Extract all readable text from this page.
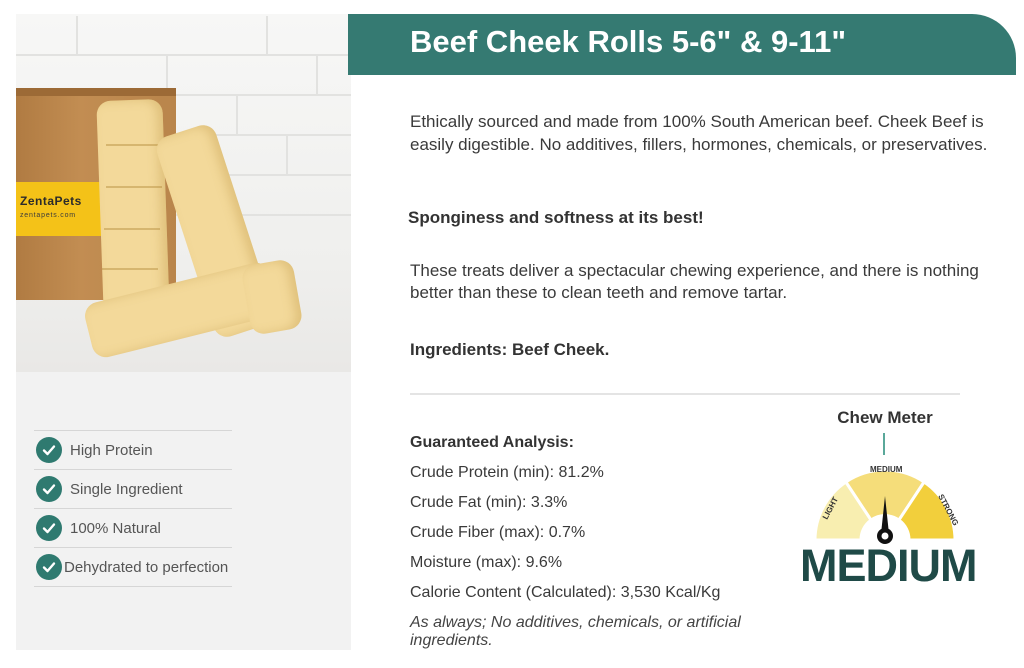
ZentaPets
zentapets.com
High Protein
Single Ingredient
100% Natural
Dehydrated to perfection
Beef Cheek Rolls 5-6" & 9-11"
Ethically sourced and made from 100% South American beef. Cheek Beef is easily digestible. No additives, fillers, hormones, chemicals, or preservatives.
Sponginess and softness at its best!
These treats deliver a spectacular chewing experience, and there is nothing better than these to clean teeth and remove tartar.
Ingredients: Beef Cheek.
Guaranteed Analysis:
Crude Protein (min): 81.2%
Crude Fat (min): 3.3%
Crude Fiber (max): 0.7%
Moisture (max): 9.6%
Calorie Content (Calculated): 3,530 Kcal/Kg
As always; No additives, chemicals, or artificial ingredients.
Chew Meter
LIGHT
MEDIUM
STRONG
MEDIUM
